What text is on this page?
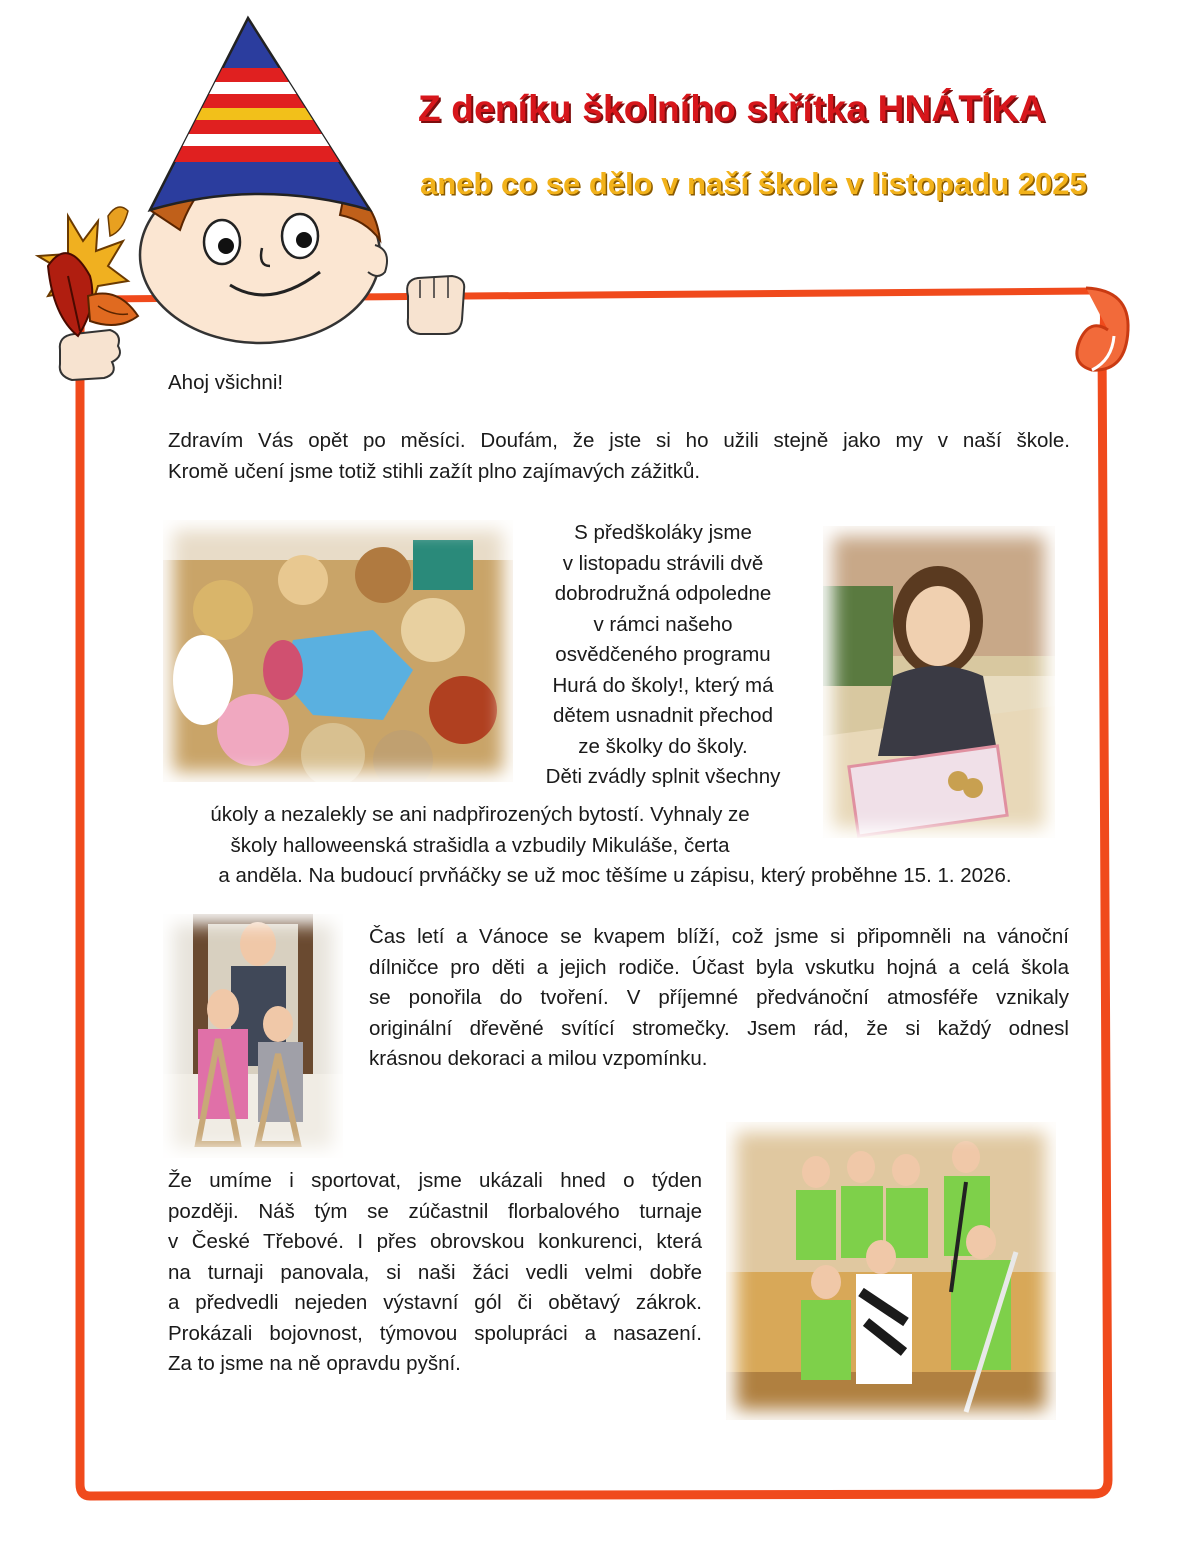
Z deníku školního skřítka HNÁTÍKA
aneb co se dělo v naší škole v listopadu 2025
Ahoj všichni!
Zdravím Vás opět po měsíci. Doufám, že jste si ho užili stejně jako my v naší škole.
Kromě učení jsme totiž stihli zažít plno zajímavých zážitků.
S předškoláky jsme
v listopadu strávili dvě
dobrodružná odpoledne
v rámci našeho
osvědčeného programu
Hurá do školy!, který má
dětem usnadnit přechod
ze školky do školy.
Děti zvádly splnit všechny
úkoly a nezalekly se ani nadpřirozených bytostí. Vyhnaly ze
školy halloweenská strašidla a vzbudily Mikuláše, čerta
a anděla. Na budoucí prvňáčky se už moc těšíme u zápisu, který proběhne 15. 1. 2026.
Čas letí a Vánoce se kvapem blíží, což jsme si připomněli na vánoční
dílničce pro děti a jejich rodiče. Účast byla vskutku hojná a celá škola
se ponořila do tvoření. V příjemné předvánoční atmosféře vznikaly
originální dřevěné svítící stromečky. Jsem rád, že si každý odnesl
krásnou dekoraci a milou vzpomínku.
Že umíme i sportovat, jsme ukázali hned o týden
později. Náš tým se zúčastnil florbalového turnaje
v České Třebové. I přes obrovskou konkurenci, která
na turnaji panovala, si naši žáci vedli velmi dobře
a předvedli nejeden výstavní gól či obětavý zákrok.
Prokázali bojovnost, týmovou spolupráci a nasazení.
Za to jsme na ně opravdu pyšní.
